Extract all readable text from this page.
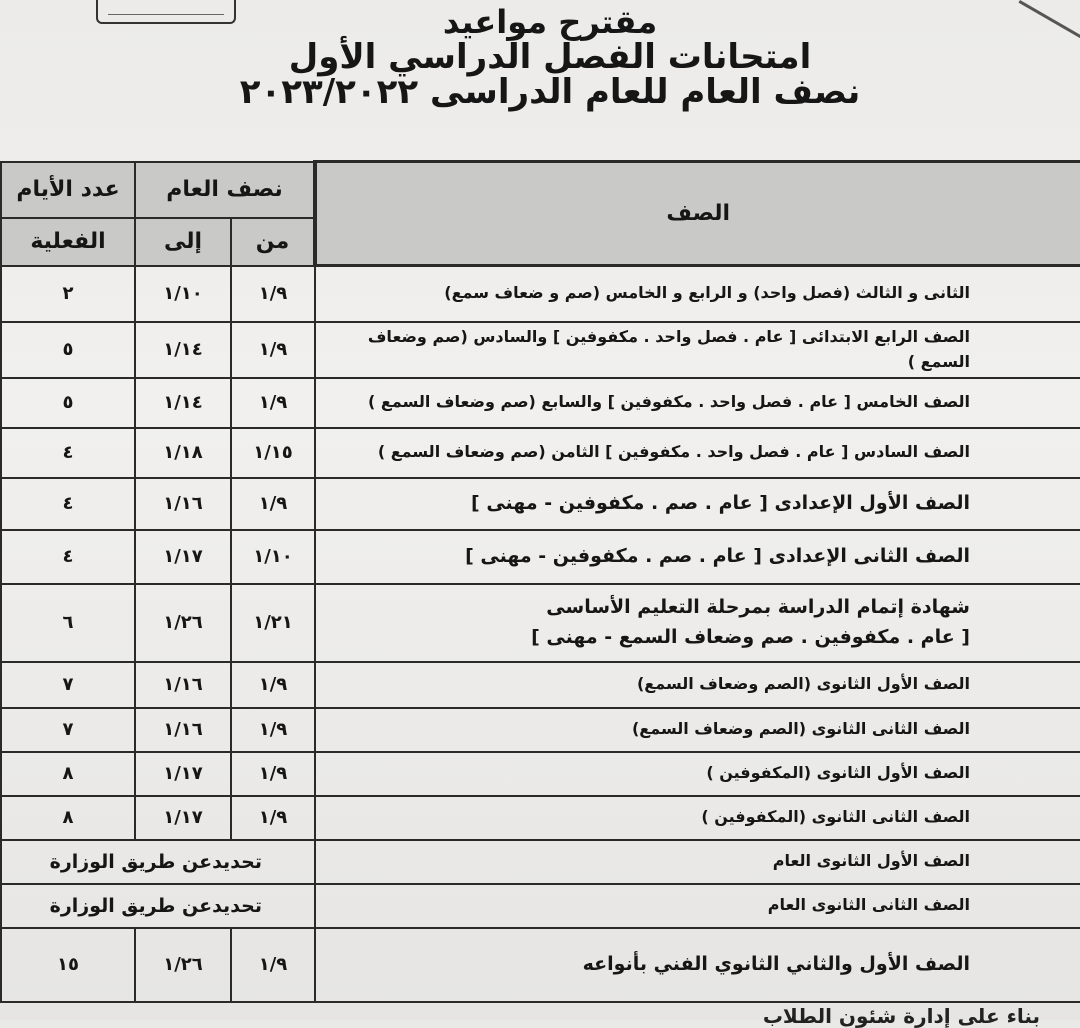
مقترح مواعيد
امتحانات الفصل الدراسي الأول
نصف العام للعام الدراسى ٢٠٢٣/٢٠٢٢
الصف	نصف العام		عدد الأيام
	من	إلى	الفعلية
الثانى و الثالث (فصل واحد) و الرابع و الخامس (صم و ضعاف سمع)	١/٩	١/١٠	٢
الصف الرابع الابتدائى [ عام . فصل واحد . مكفوفين ] والسادس (صم وضعاف السمع )	١/٩	١/١٤	٥
الصف الخامس [ عام . فصل واحد . مكفوفين ] والسابع (صم وضعاف السمع )	١/٩	١/١٤	٥
الصف السادس [ عام . فصل واحد . مكفوفين ] الثامن (صم وضعاف السمع )	١/١٥	١/١٨	٤
الصف الأول الإعدادى [ عام . صم . مكفوفين - مهنى ]	١/٩	١/١٦	٤
الصف الثانى الإعدادى [ عام . صم . مكفوفين - مهنى ]	١/١٠	١/١٧	٤

شهادة إتمام الدراسة بمرحلة التعليم الأساسى
[ عام . مكفوفين . صم وضعاف السمع - مهنى ]	١/٢١	١/٢٦	٦
الصف الأول الثانوى (الصم وضعاف السمع)	١/٩	١/١٦	٧
الصف الثانى الثانوى (الصم وضعاف السمع)	١/٩	١/١٦	٧
الصف الأول الثانوى (المكفوفين )	١/٩	١/١٧	٨
الصف الثانى الثانوى (المكفوفين )	١/٩	١/١٧	٨
الصف الأول الثانوى العام	تحديدعن طريق الوزارة		
الصف الثانى الثانوى العام	تحديدعن طريق الوزارة		
الصف الأول والثاني الثانوي الفني بأنواعه	١/٩	١/٢٦	١٥
بناء على إدارة شئون الطلاب
